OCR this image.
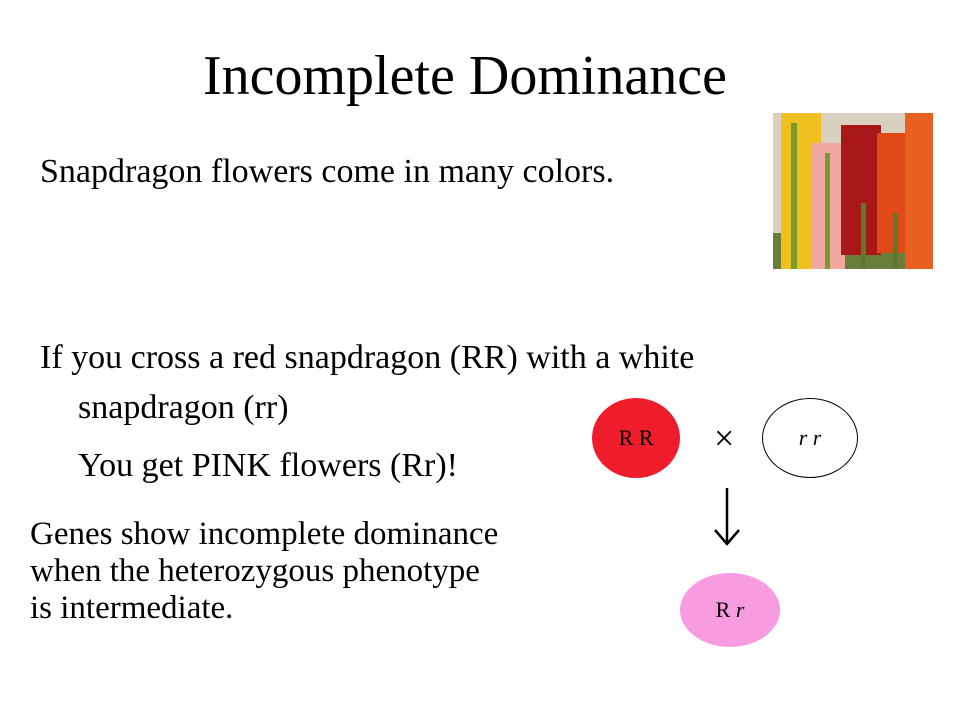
Incomplete Dominance
Snapdragon flowers come in many colors.
If you cross a red snapdragon (RR) with a white
snapdragon (rr)
You get PINK flowers (Rr)!
Genes show incomplete dominance
when the heterozygous phenotype
is intermediate.
R R ×	r r
R
r
